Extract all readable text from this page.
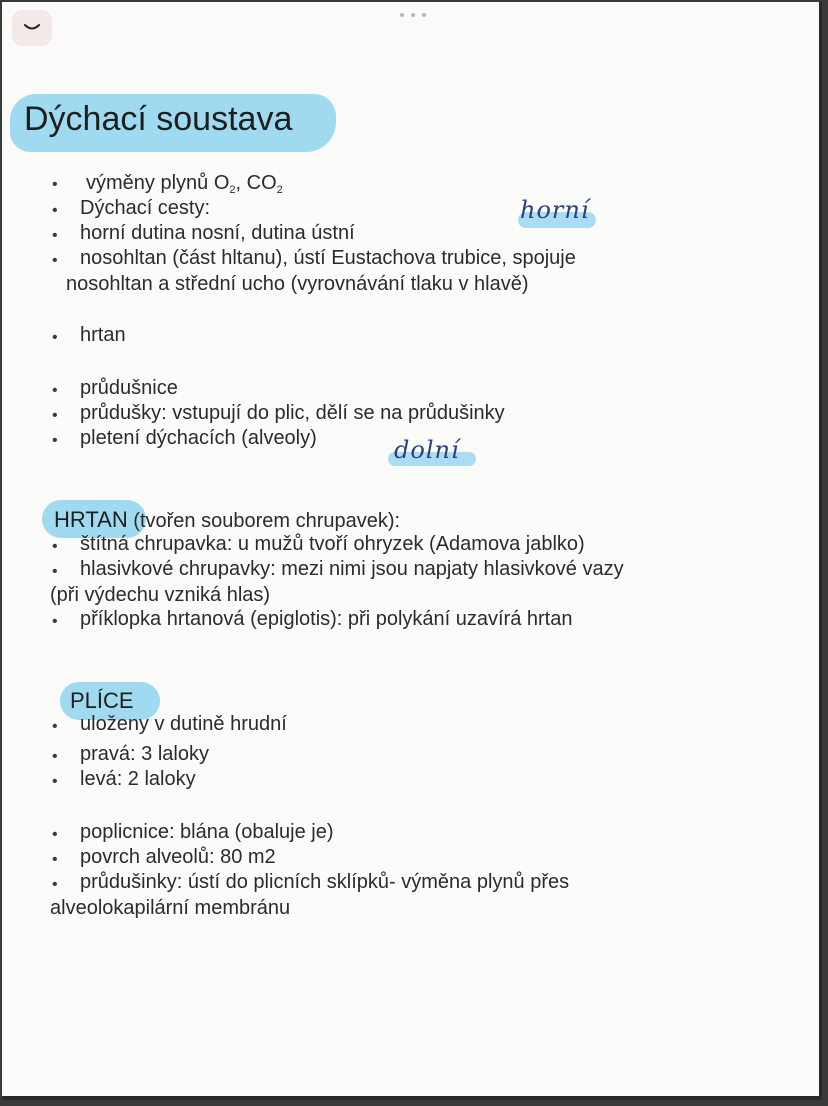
Dýchací soustava
• výměny plynů $O_2$, $CO_2$
• Dýchací cesty:
• horní dutina nosní, dutina ústní
horní
• nosohltan (část hltanu), ústí Eustachova trubice, spojuje
nosohltan a střední ucho (vyrovnávání tlaku v hlavě)
• hrtan
• průdušnice
• průdušky: vstupují do plic, dělí se na průdušinky
• pletení dýchacích (alveoly)	dolní
HRTAN (tvořen souborem chrupavek):
• štítná chrupavka: u mužů tvoří ohryzek (Adamova jablko)
• hlasivkové chrupavky: mezi nimi jsou napjaty hlasivkové vazy
(při výdechu vzniká hlas)
• příklopka hrtanová (epiglotis): při polykání uzavírá hrtan
PLÍCE
• uloženy v dutině hrudní
• pravá: 3 laloky
• levá: 2 laloky
• poplicnice: blána (obaluje je)
• povrch alveolů: 80 m2
• průdušinky: ústí do plicních sklípků- výměna plynů přes
alveolokapilární membránu
